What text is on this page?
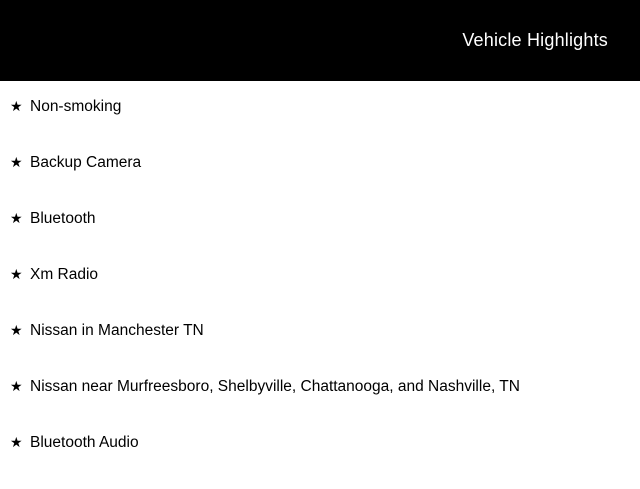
Vehicle Highlights
★ Non-smoking
★ Backup Camera
★ Bluetooth
★ Xm Radio
★ Nissan in Manchester TN
★ Nissan near Murfreesboro, Shelbyville, Chattanooga, and Nashville, TN
★ Bluetooth Audio
